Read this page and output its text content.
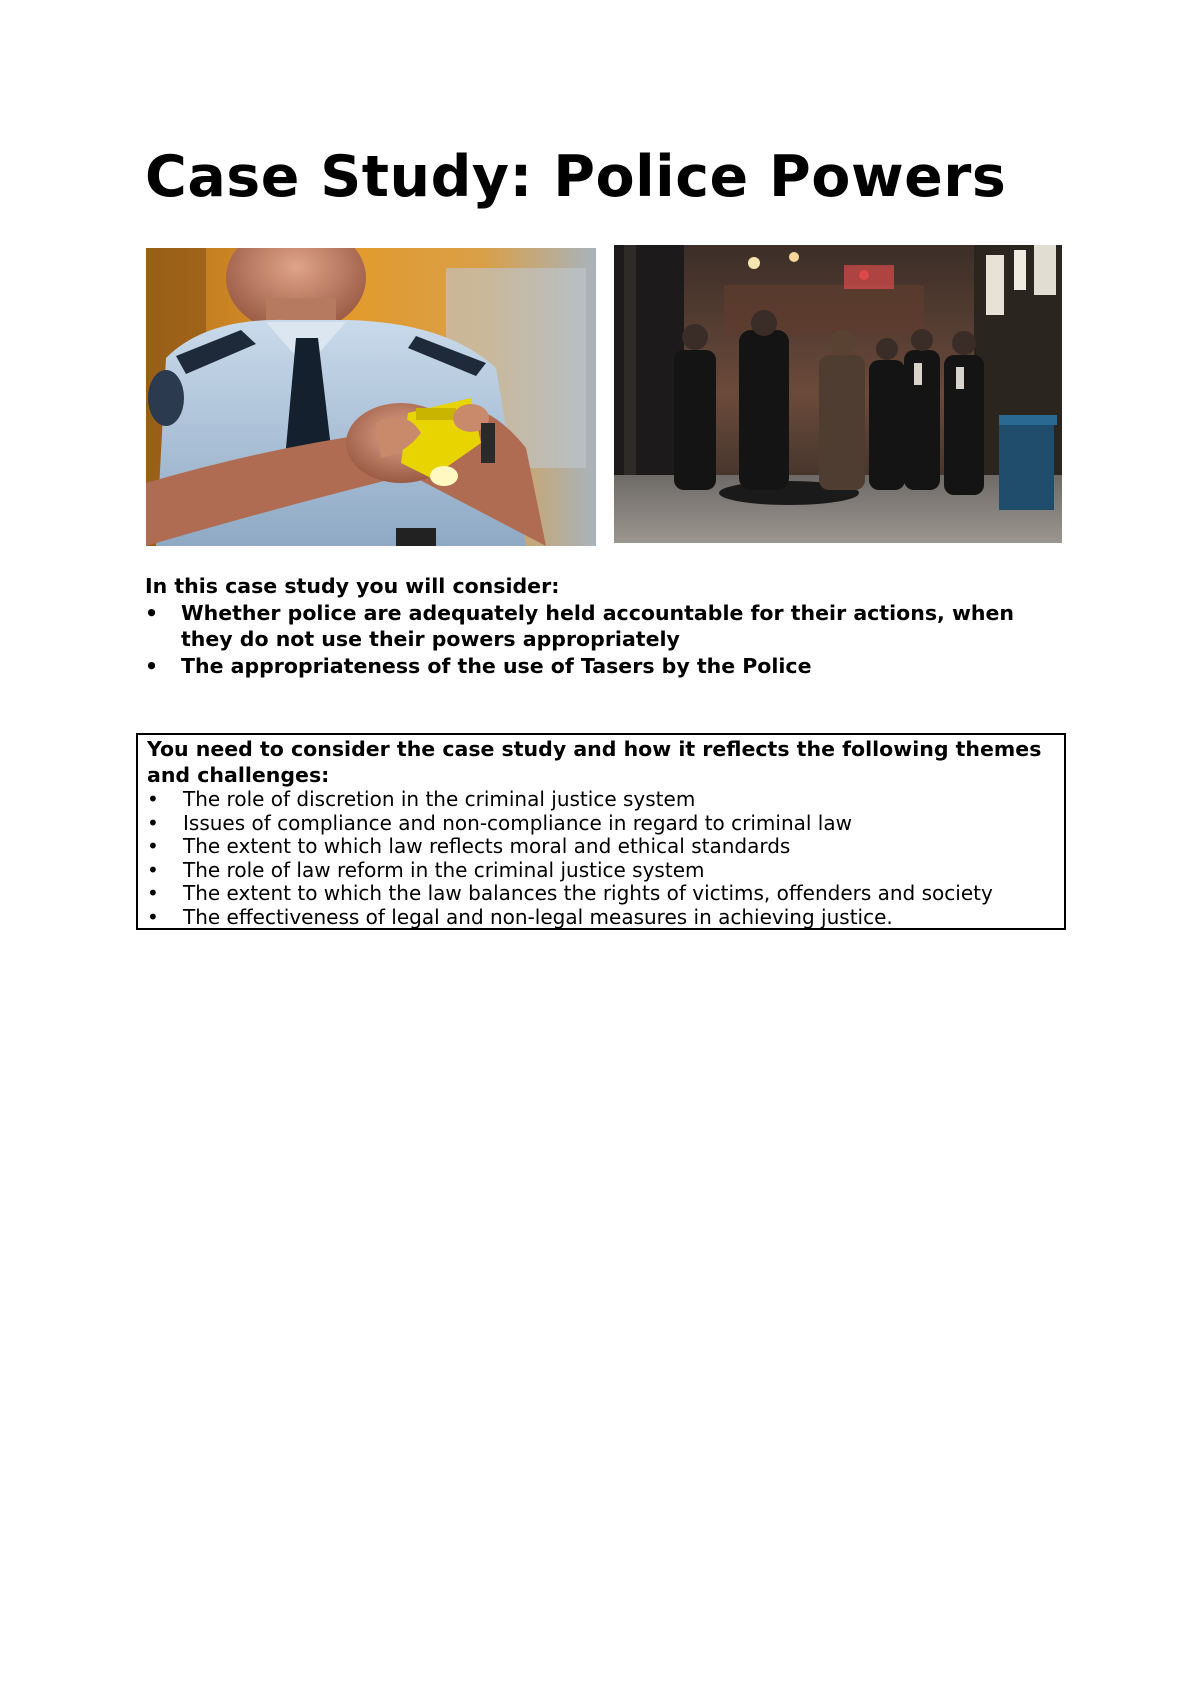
Case Study: Police Powers

In this case study you will consider:

• Whether police are adequately held accountable for their actions, when they do not use their powers appropriately
• The appropriateness of the use of Tasers by the Police

You need to consider the case study and how it reflects the following themes and challenges:

• The role of discretion in the criminal justice system
• Issues of compliance and non-compliance in regard to criminal law
• The extent to which law reflects moral and ethical standards
• The role of law reform in the criminal justice system
• The extent to which the law balances the rights of victims, offenders and society
• The effectiveness of legal and non-legal measures in achieving justice.
